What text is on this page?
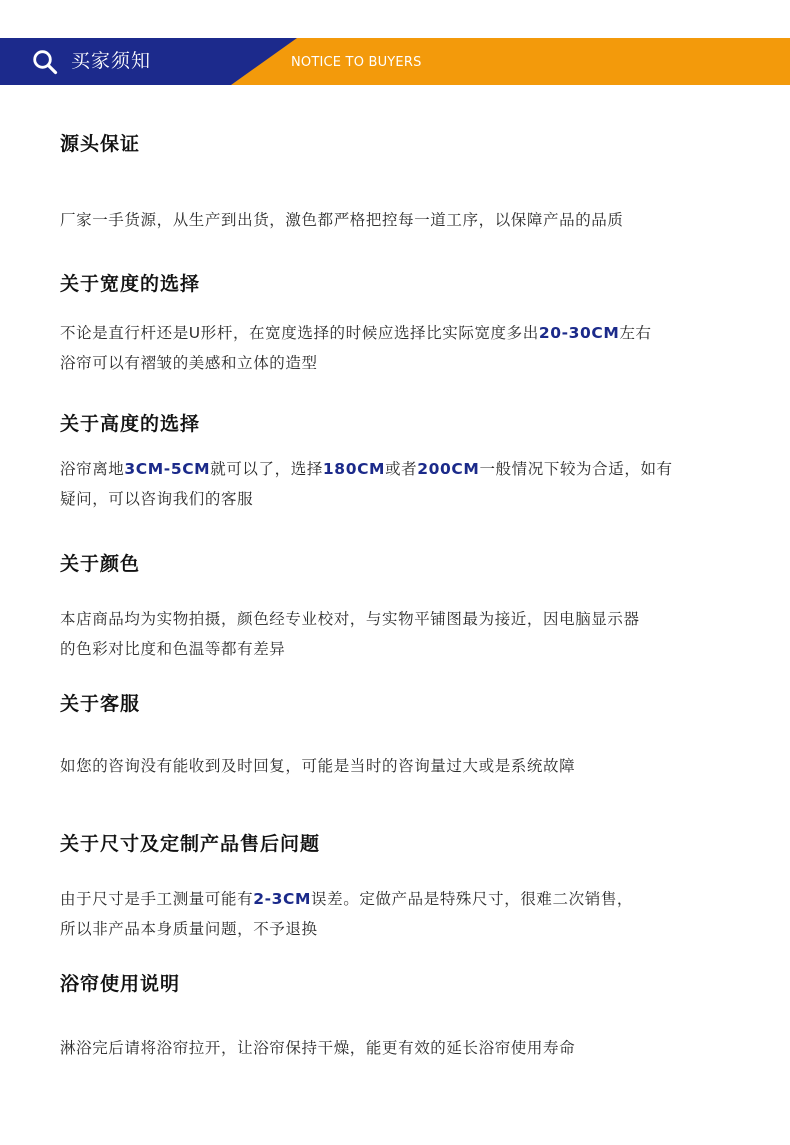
买家须知	NOTICE TO BUYERS
源头保证

厂家一手货源，从生产到出货，激色都严格把控每一道工序，以保障产品的品质

关于宽度的选择

不论是直行杆还是U形杆，在宽度选择的时候应选择比实际宽度多出20-30CM左右
浴帘可以有褶皱的美感和立体的造型

关于高度的选择

浴帘离地3CM-5CM就可以了，选择180CM或者200CM一般情况下较为合适，如有
疑问，可以咨询我们的客服

关于颜色

本店商品均为实物拍摄，颜色经专业校对，与实物平铺图最为接近，因电脑显示器
的色彩对比度和色温等都有差异

关于客服

如您的咨询没有能收到及时回复，可能是当时的咨询量过大或是系统故障

关于尺寸及定制产品售后问题

由于尺寸是手工测量可能有2-3CM误差。定做产品是特殊尺寸，很难二次销售，
所以非产品本身质量问题，不予退换

浴帘使用说明

淋浴完后请将浴帘拉开，让浴帘保持干燥，能更有效的延长浴帘使用寿命
